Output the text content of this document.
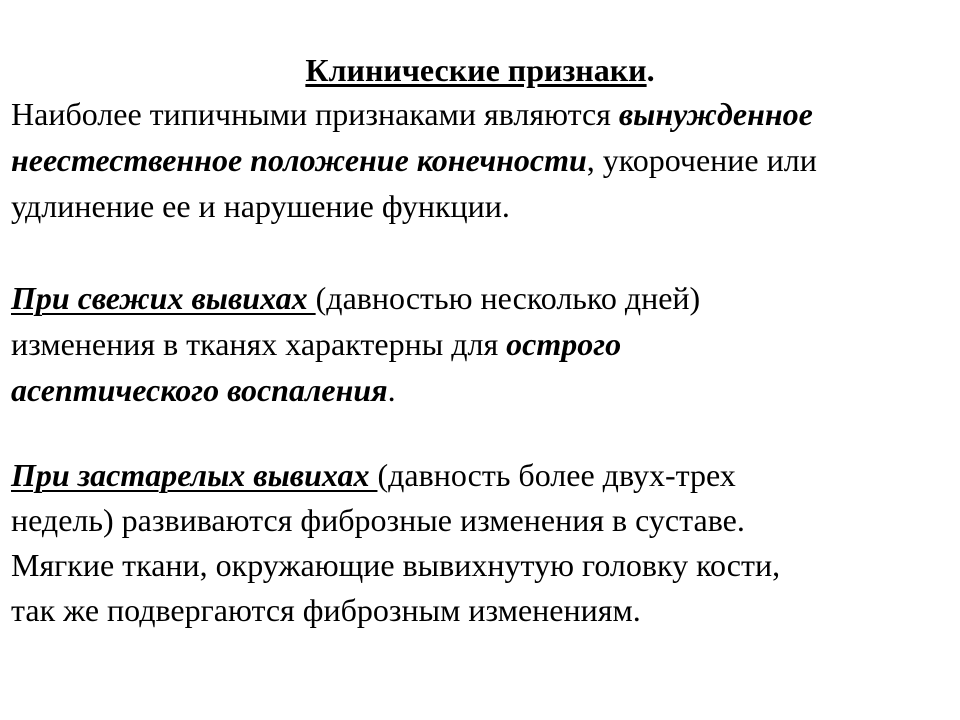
Клинические признаки.
Наиболее типичными признаками являются вынужденное
неестественное положение конечности, укорочение или
удлинение ее и нарушение функции.
При свежих вывихах (давностью несколько дней)
изменения в тканях характерны для острого
асептического воспаления.
При застарелых вывихах (давность более двух-трех
недель) развиваются фиброзные изменения в суставе.
Мягкие ткани, окружающие вывихнутую головку кости,
так же подвергаются фиброзным изменениям.
